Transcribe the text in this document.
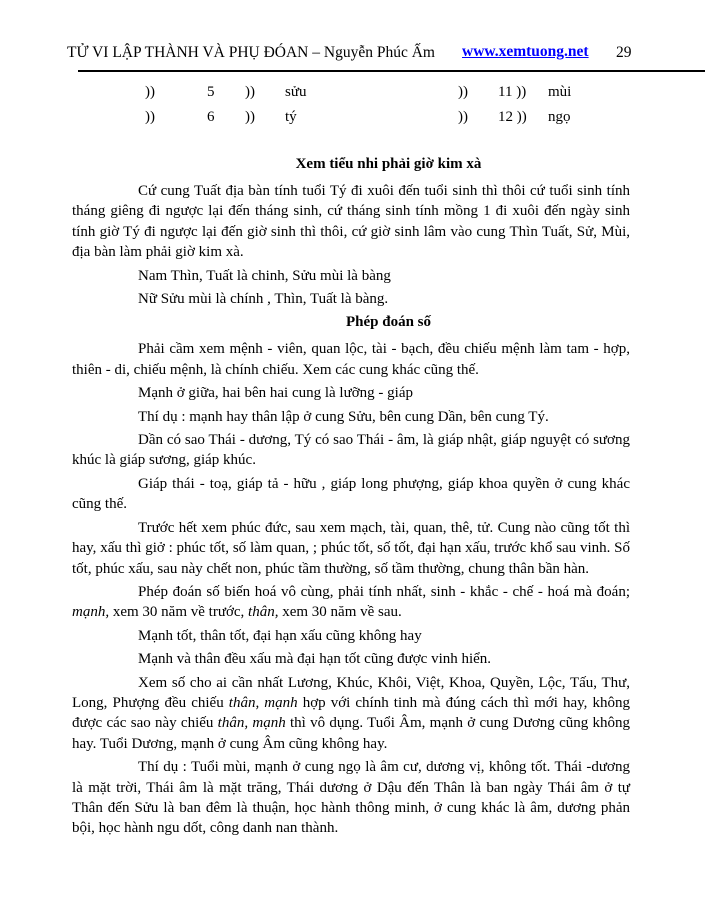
TỬ VI LẬP THÀNH VÀ PHỤ ĐÓAN – Nguyễn Phúc Ấm www.xemtuong.net 29
))	5 )) sửu	)) 11 )) mùi
))	6 )) tý	)) 12 )) ngọ
Xem tiểu nhi phải giờ kim xà
Cứ cung Tuất địa bàn tính tuổi Tý đi xuôi đến tuổi sinh thì thôi cứ tuổi sinh tính tháng giêng đi ngược lại đến tháng sinh, cứ tháng sinh tính mồng 1 đi xuôi đến ngày sinh tính giờ Tý đi ngược lại đến giờ sinh thì thôi, cứ giờ sinh lâm vào cung Thìn Tuất, Sử, Mùi, địa bàn làm phải giờ kim xà.
Nam Thìn, Tuất là chinh, Sửu mùi là bàng
Nữ Sửu mùi là chính , Thìn, Tuất là bàng.
Phép đoán số
Phải cầm xem mệnh - viên, quan lộc, tài - bạch, đều chiếu mệnh làm tam - hợp, thiên - di, chiếu mệnh, là chính chiếu. Xem các cung khác cũng thế.
Mạnh ở giữa, hai bên hai cung là lưỡng - giáp
Thí dụ : mạnh hay thân lập ở cung Sửu, bên cung Dần, bên cung Tý.
Dần có sao Thái - dương, Tý có sao Thái - âm, là giáp nhật, giáp nguyệt có sương khúc là giáp sương, giáp khúc.
Giáp thái - toạ, giáp tả - hữu , giáp long phượng, giáp khoa quyền ở cung khác cũng thế.
Trước hết xem phúc đức, sau xem mạch, tài, quan, thê, tử. Cung nào cũng tốt thì hay, xấu thì giở : phúc tốt, số làm quan, ; phúc tốt, số tốt, đại hạn xấu, trước khổ sau vinh. Số tốt, phúc xấu, sau này chết non, phúc tầm thường, số tầm thường, chung thân bần hàn.
Phép đoán số biến hoá vô cùng, phải tính nhất, sinh - khắc - chế - hoá mà đoán; mạnh, xem 30 năm về trước, thân, xem 30 năm về sau.
Mạnh tốt, thân tốt, đại hạn xấu cũng không hay
Mạnh và thân đều xấu mà đại hạn tốt cũng được vinh hiển.
Xem số cho ai cần nhất Lương, Khúc, Khôi, Việt, Khoa, Quyền, Lộc, Tấu, Thư, Long, Phượng đều chiếu thân, mạnh hợp với chính tinh mà đúng cách thì mới hay, không được các sao này chiếu thân, mạnh thì vô dụng. Tuổi Âm, mạnh ở cung Dương cũng không hay. Tuổi Dương, mạnh ở cung Âm cũng không hay.
Thí dụ : Tuổi mùi, mạnh ở cung ngọ là âm cư, dương vị, không tốt. Thái -dương là mặt trời, Thái âm là mặt trăng, Thái dương ở Dậu đến Thân là ban ngày Thái âm ở tự Thân đến Sửu là ban đêm là thuận, học hành thông minh, ở cung khác là âm, dương phản bội, học hành ngu dốt, công danh nan thành.
